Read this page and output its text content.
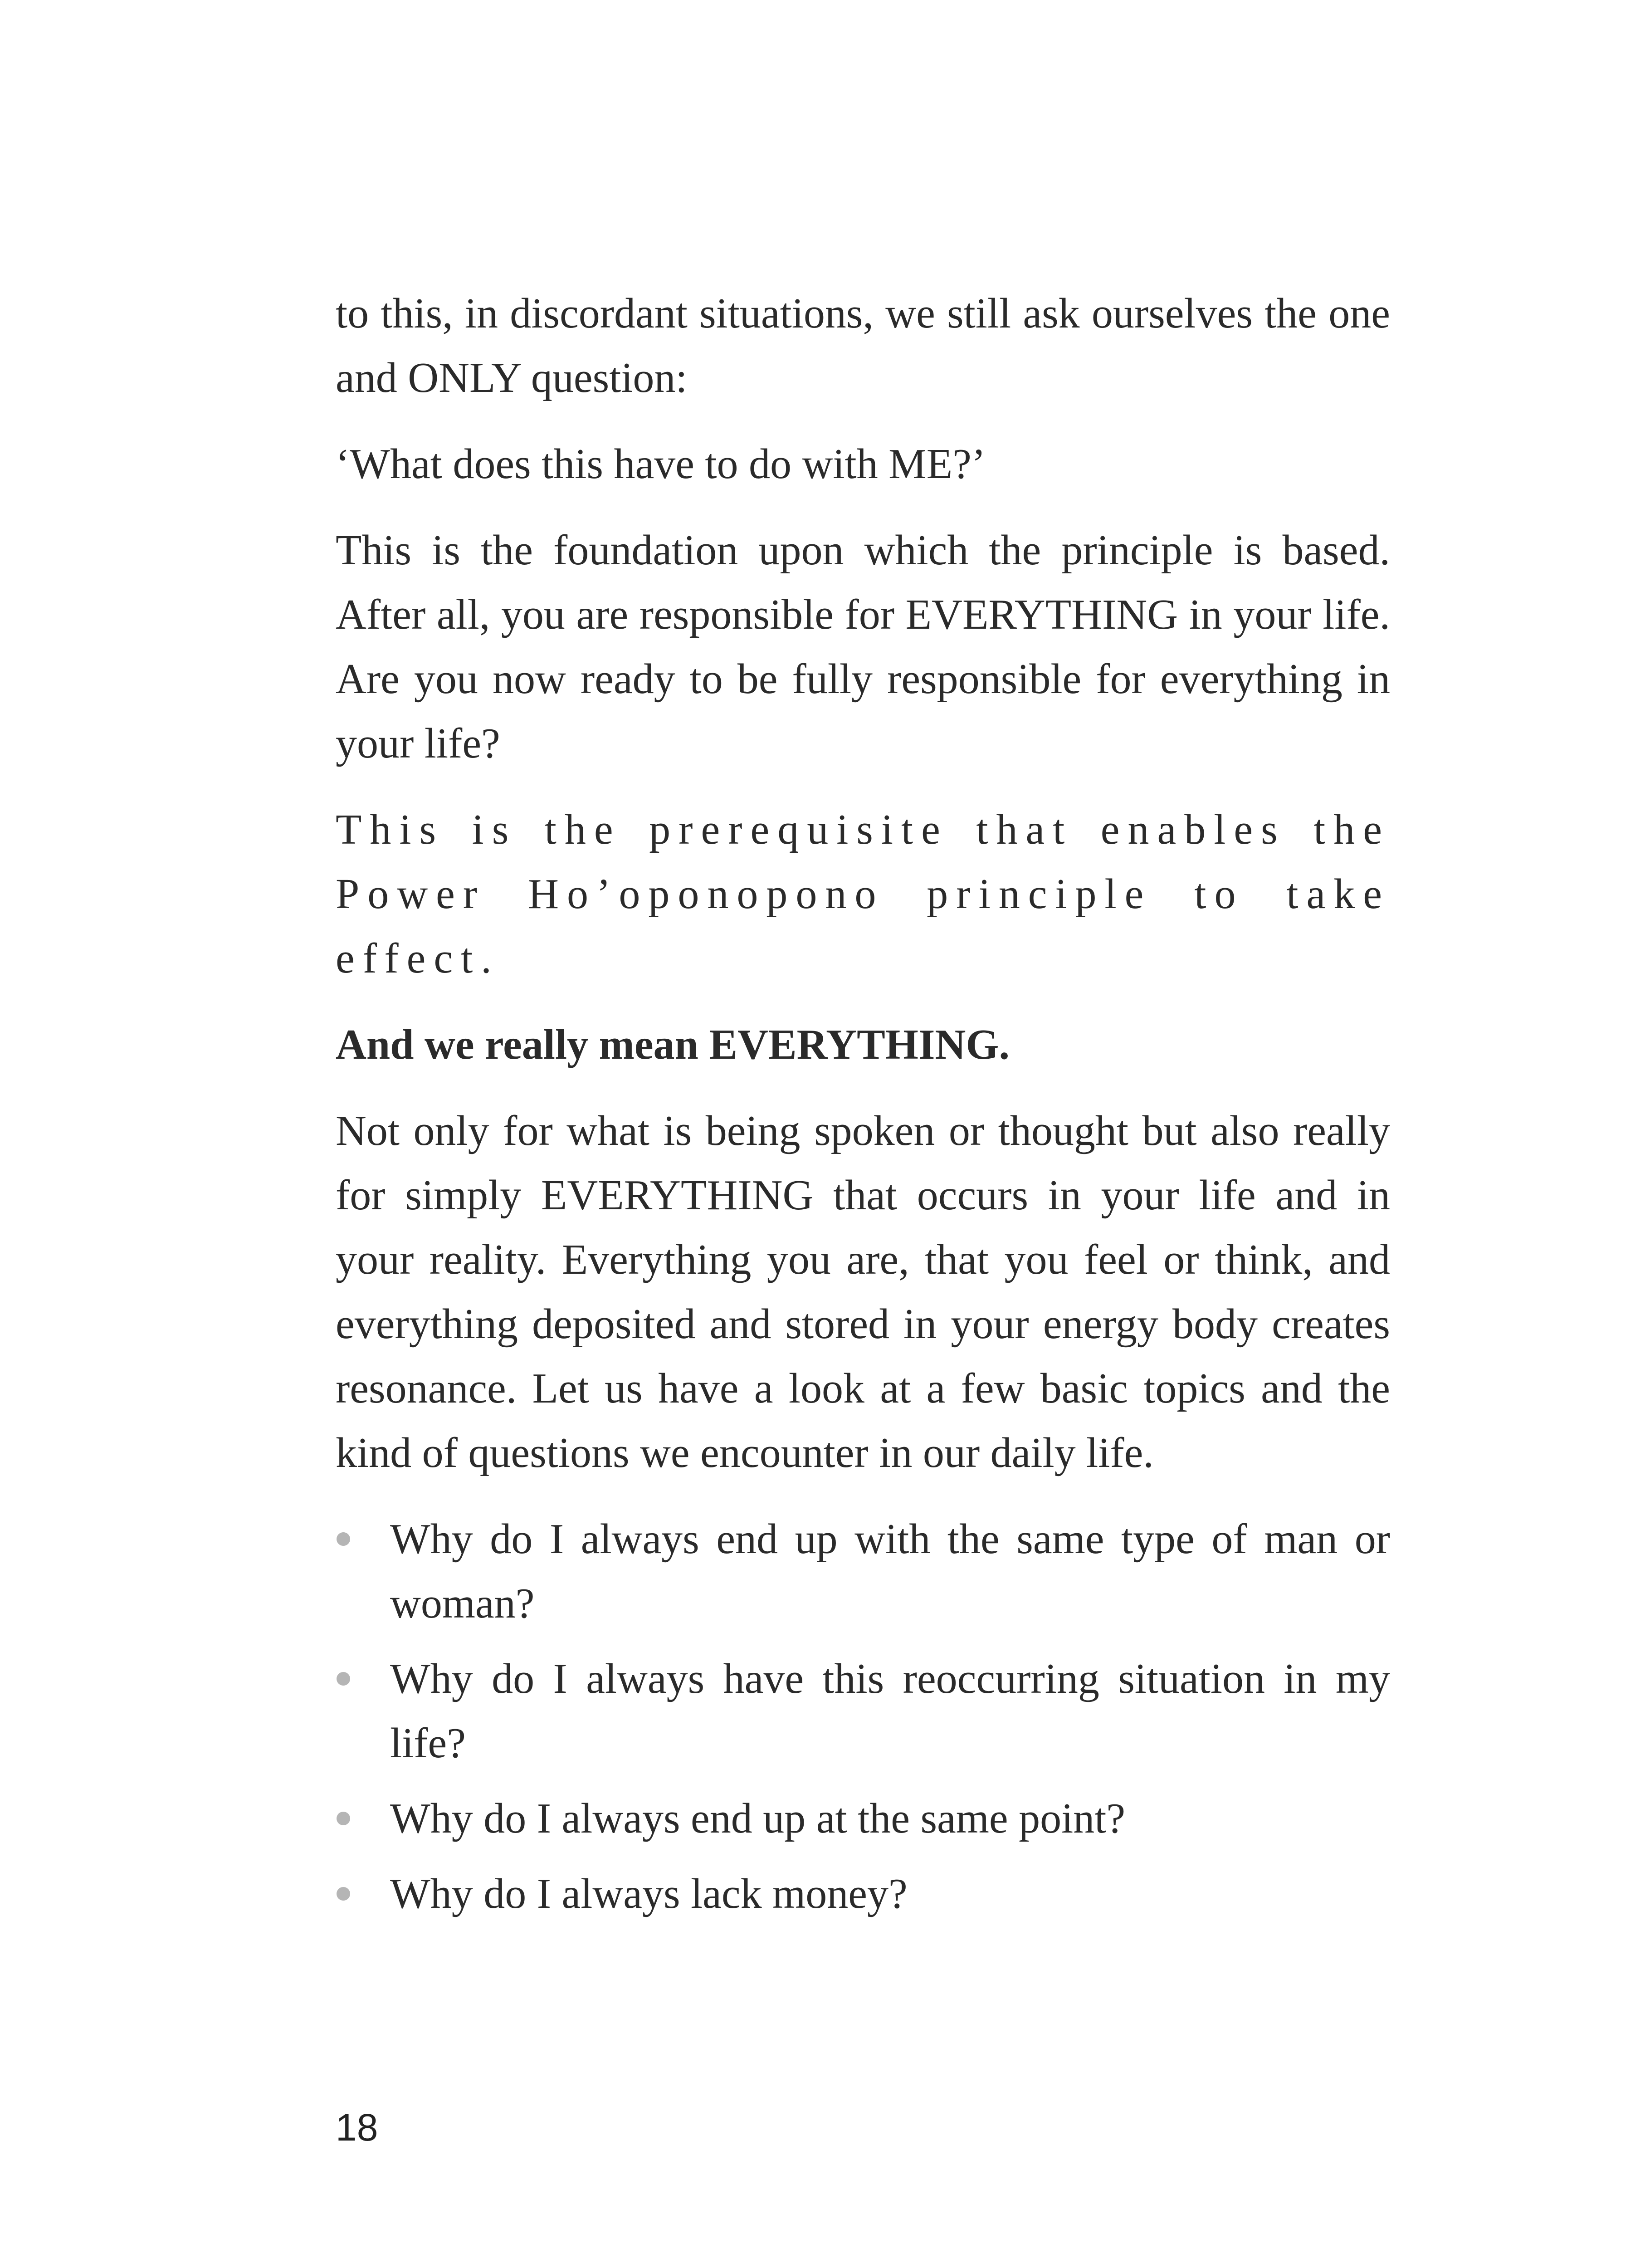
to this, in discordant situations, we still ask ourselves the one and ONLY question:

‘What does this have to do with ME?’

This is the foundation upon which the principle is based. After all, you are responsible for EVERYTHING in your life. Are you now ready to be fully responsible for everything in your life?

This is the prerequisite that enables the Power Ho’oponopono principle to take effect.

And we really mean EVERYTHING.

Not only for what is being spoken or thought but also really for simply EVERYTHING that occurs in your life and in your reality. Everything you are, that you feel or think, and everything deposited and stored in your energy body creates resonance. Let us have a look at a few basic topics and the kind of questions we encounter in our daily life.

Why do I always end up with the same type of man or woman?
Why do I always have this reoccurring situation in my life?
Why do I always end up at the same point?
Why do I always lack money?
18
